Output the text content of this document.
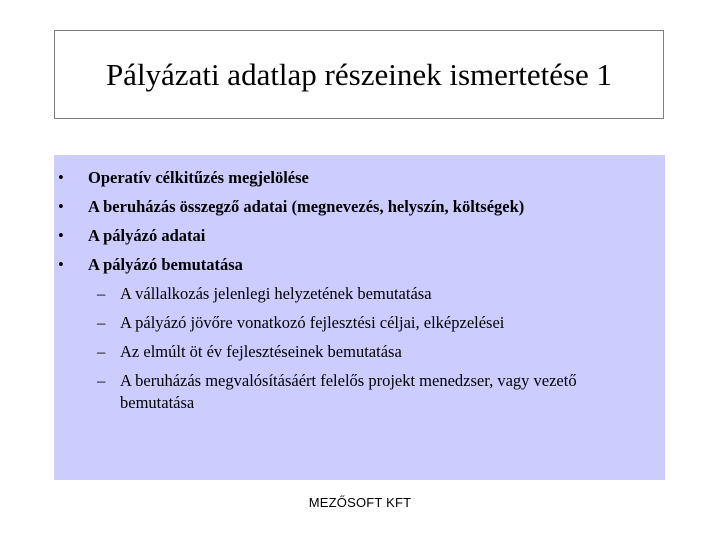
Pályázati adatlap részeinek ismertetése 1
• Operatív célkitűzés megjelölése
• A beruházás összegző adatai (megnevezés, helyszín, költségek)
• A pályázó adatai
• A pályázó bemutatása
– A vállalkozás jelenlegi helyzetének bemutatása
– A pályázó jövőre vonatkozó fejlesztési céljai, elképzelései
– Az elmúlt öt év fejlesztéseinek bemutatása
– A beruházás megvalósításáért felelős projekt menedzser, vagy vezető bemutatása
MEZŐSOFT KFT
